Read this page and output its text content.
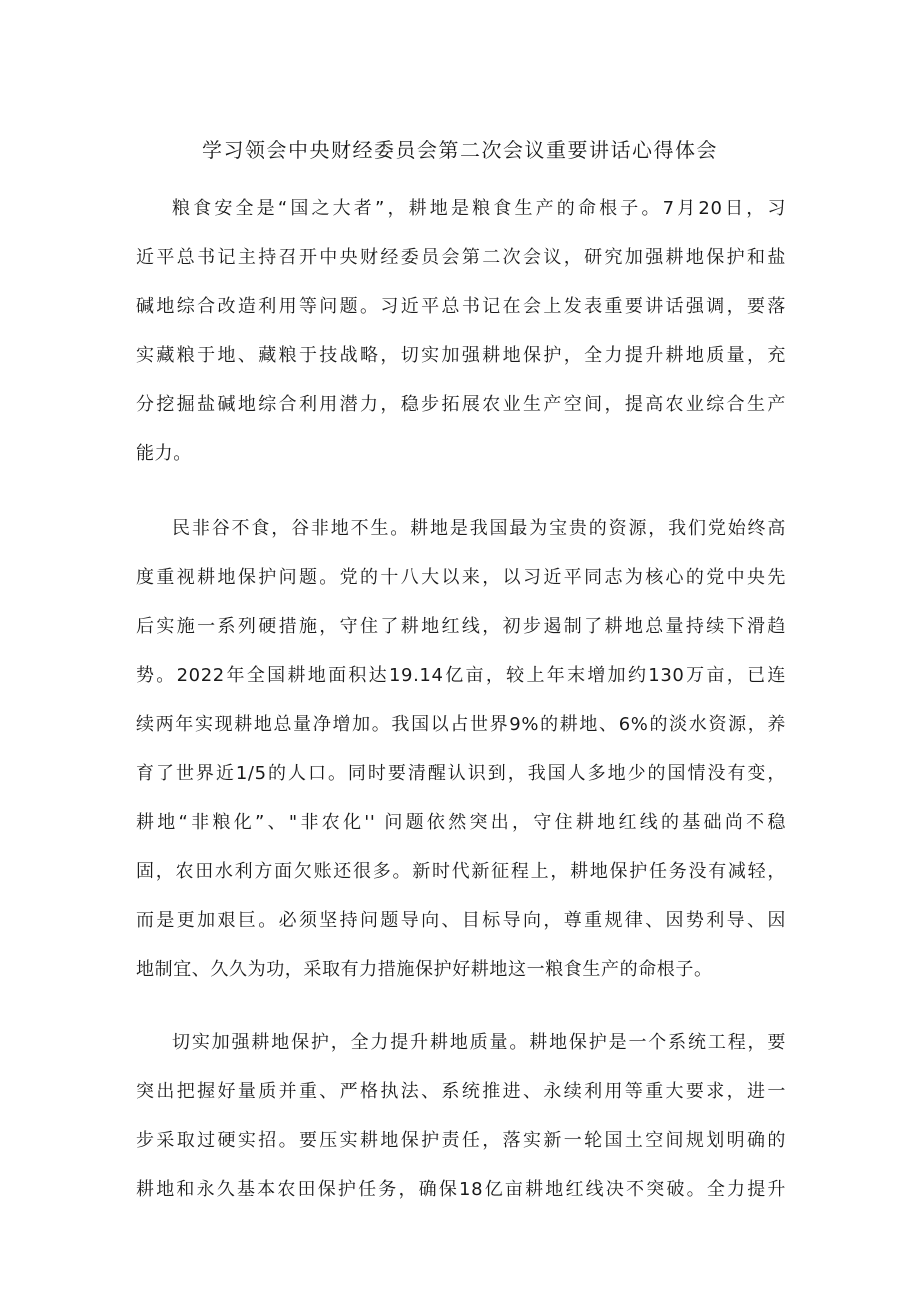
学习领会中央财经委员会第二次会议重要讲话心得体会
粮食安全是“国之大者”，耕地是粮食生产的命根子。7月20日，习
近平总书记主持召开中央财经委员会第二次会议，研究加强耕地保护和盐
碱地综合改造利用等问题。习近平总书记在会上发表重要讲话强调，要落
实藏粮于地、藏粮于技战略，切实加强耕地保护，全力提升耕地质量，充
分挖掘盐碱地综合利用潜力，稳步拓展农业生产空间，提高农业综合生产
能力。
民非谷不食，谷非地不生。耕地是我国最为宝贵的资源，我们党始终高
度重视耕地保护问题。党的十八大以来，以习近平同志为核心的党中央先
后实施一系列硬措施，守住了耕地红线，初步遏制了耕地总量持续下滑趋
势。2022年全国耕地面积达19.14亿亩，较上年末增加约130万亩，已连
续两年实现耕地总量净增加。我国以占世界9%的耕地、6%的淡水资源，养
育了世界近1/5的人口。同时要清醒认识到，我国人多地少的国情没有变，
耕地“非粮化”、"非农化'' 问题依然突出，守住耕地红线的基础尚不稳
固，农田水利方面欠账还很多。新时代新征程上，耕地保护任务没有减轻，
而是更加艰巨。必须坚持问题导向、目标导向，尊重规律、因势利导、因
地制宜、久久为功，采取有力措施保护好耕地这一粮食生产的命根子。
切实加强耕地保护，全力提升耕地质量。耕地保护是一个系统工程，要
突出把握好量质并重、严格执法、系统推进、永续利用等重大要求，进一
步采取过硬实招。要压实耕地保护责任，落实新一轮国土空间规划明确的
耕地和永久基本农田保护任务，确保18亿亩耕地红线决不突破。全力提升
